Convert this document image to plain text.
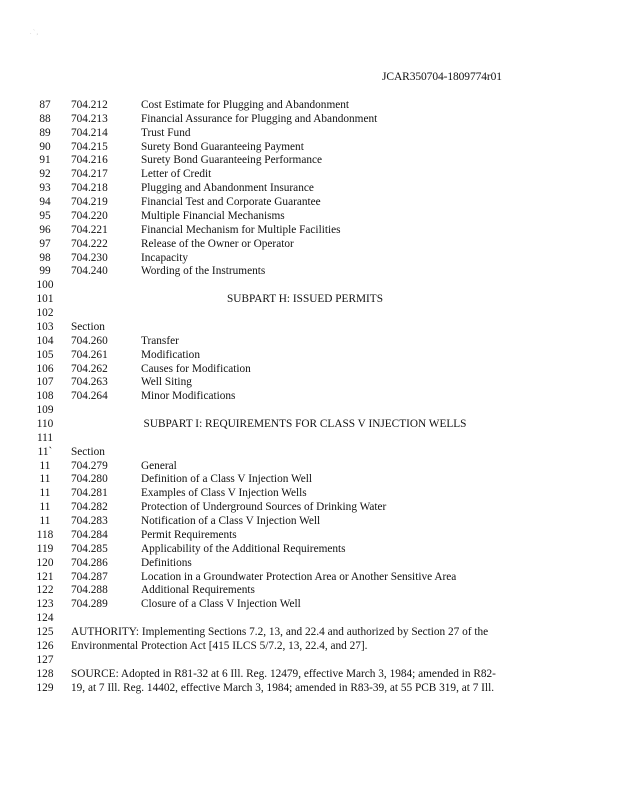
. ` ,
JCAR350704-1809774r01
87 704.212	Cost Estimate for Plugging and Abandonment
88 704.213	Financial Assurance for Plugging and Abandonment
89 704.214	Trust Fund
90 704.215	Surety Bond Guaranteeing Payment
91 704.216	Surety Bond Guaranteeing Performance
92 704.217	Letter of Credit
93 704.218	Plugging and Abandonment Insurance
94 704.219	Financial Test and Corporate Guarantee
95 704.220	Multiple Financial Mechanisms
96 704.221	Financial Mechanism for Multiple Facilities
97 704.222	Release of the Owner or Operator
98 704.230	Incapacity
99 704.240	Wording of the Instruments
100
101	SUBPART H: ISSUED PERMITS
102
103 Section
104 704.260	Transfer
105 704.261	Modification
106 704.262	Causes for Modification
107 704.263	Well Siting
108 704.264	Minor Modifications
109
110	SUBPART I: REQUIREMENTS FOR CLASS V INJECTION WELLS
111
11` Section
11	704.279	General
11	704.280	Definition of a Class V Injection Well
11	704.281	Examples of Class V Injection Wells
11	704.282	Protection of Underground Sources of Drinking Water
11	704.283	Notification of a Class V Injection Well
118 704.284	Permit Requirements
119 704.285	Applicability of the Additional Requirements
120 704.286	Definitions
121 704.287	Location in a Groundwater Protection Area or Another Sensitive Area
122 704.288	Additional Requirements
123 704.289	Closure of a Class V Injection Well
124
125 AUTHORITY: Implementing Sections 7.2, 13, and 22.4 and authorized by Section 27 of the
126 Environmental Protection Act [415 ILCS 5/7.2, 13, 22.4, and 27].
127
128 SOURCE: Adopted in R81-32 at 6 Ill. Reg. 12479, effective March 3, 1984; amended in R82-
129 19, at 7 Ill. Reg. 14402, effective March 3, 1984; amended in R83-39, at 55 PCB 319, at 7 Ill.
